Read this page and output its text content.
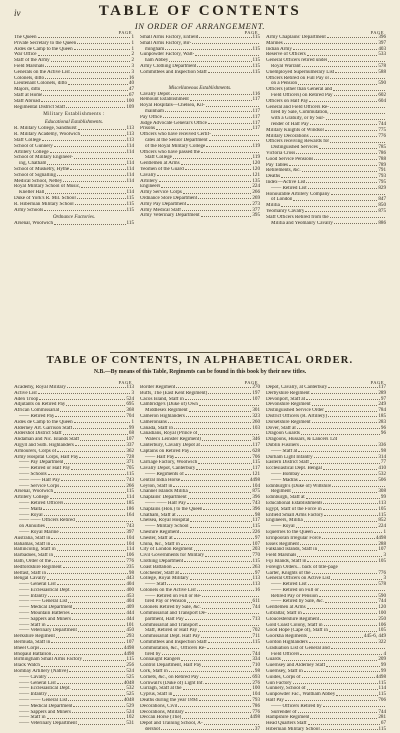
iv	TABLE OF CONTENTS
IN ORDER OF ARRANGEMENT.
PAGE
The Queen	1
Private Secretary to the Queen	1
Aides de Camp to the Queen	1
War Office	2
Staff of the Army	2
Field Marshals	3
Generals on the Active List	3
Colonels, ditto	16
Lieutenant Colonels, ditto	40
Majors, ditto	47
Staff at Home	67
Staff Abroad	100
Regimental District Staff	109
Military Establishments :
Educational Establishments.
R. Military College, Sandhurst	113
R. Military Academy, Woolwich	113
Staff College	113
School of Gunnery	114
Artillery College	114
School of Military Engineer-
ing, Chatham	114
School of Musketry, Hythe	114
School of Signalling	114
Medical School, Netley	114
Royal Military School of Music,
Kneller Hall	114
Duke of York's R. Mil. School	115
R. Hibernian Military School	115
Army Schools	115
Ordnance Factories.
Arsenal, Woolwich	115
PAGE
Small Arms Factory, Enfield	115
Small Arms Factory, Bir-
mingham	115
Gunpowder Factory, Walt-
ham Abbey	115
Army Clothing Department	115
Committees and Inspection Staff	115
Miscellaneous Establishments.
Cavalry Depôt	116
Remount Establishment	117
Royal Hospitals—Chelsea, Kil-
mainham	117
Pay Office	117
Judge Advocate General's Office	117
Prisons	117
Officers who have received Certif-
cates at the Senior Department
of the Royal Military College	119
Officers who have passed the
Staff College	119
Gentlemen at Arms	120
Yeomen of the Guard	120
Cavalry	121
Artillery	135
Engineers	224
Army Service Corps	266
Ordnance Store Department	269
Army Pay Department	273
Army Medical Staff	377
Army Veterinary Department	395
PAGE
Army Chaplains' Department	396
Marines	397
Indian Army	403
Reserve of Officers	533
General Officers retired under
Royal Warrant	578
Unemployed Supernumerary List	588
Officers Retired on Full Pay or
on a Pension	590
Officers (other than General and
Field Officers) on Retired Pay	602
Officers on Half Pay	604
General and Field Officers Re-
tired by Sale, Commutation,
with a Gratuity, or by Sur-
render of Half Pay	744
Military Knights of Windsor	775
Military Decorations	776
Officers receiving Rewards for
Distinguished Services	785
Victoria Cross	786
Good Service Pensions	788
Pay Tables	789
Retirements, &c.	791
Deaths	793
Index—Active List	795
—— Retired List	829
Honourable Artillery Company
of London	847
Militia	850
Yeomanry Cavalry	875
Staff Officers Retired from the
Militia and Yeomanry Cavalry	886
TABLE OF CONTENTS, IN ALPHABETICAL ORDER.
N.B.—By means of this Table, Regiments can be found in this book by their new titles.
PAGE
Academy, Royal Military	113
Active List	3
Aden Troop	524
Adjutants on Retired Pay	695
African Commissariat	368
—— Retired Pay	704
Aides de Camp to the Queen	1
Alderney Art. Garrison Staff	99
Aldershot District Staff	68
Andaman and Nic. Islands Staff	107
Argyll and Suth. Highlanders	337
Armourers, Corps of	362
Army Hospital Corps, Half Pay	728
—— Pay Department	371
—— Retired or Half Pay	705
—— Schools	115
—— —— Half Pay	743
—— Service Corps	266
Arsenal, Woolwich	115
Artillery College	114
—— Retired Officers	185
—— Malta	186
—— Royal	164
—— —— Officers Retired
on Annuities	743
—— Royal Marine	397
Australia, Staff in	104
Bahamas, Staff in	104
Ballincollig, Staff in	114
Barbadoes, Staff in	106
Bath, Order of the	776
Bedfordshire Regiment	235
Belfast, Staff in	98
Bengal Cavalry	443
—— General List	404
—— Ecclesiastical Dept.	400
—— Infantry	453
—— —— General List	404
—— Medical Department	409
—— Mountain Batteries	444
—— Sappers and Miners	444
—— Staff in	101
—— Veterinary Department	450
Berkshire Regiment	293
Bermuda, Staff in	107
Bheel Corps	4498
Bhopaul Battalion	4498
Birmingham Small Arms Factory	115
Black Watch	256
Bombay Artillery (Native)	524
—— Cavalry	525
—— General List	4048
—— Ecclesiastical Dept.	532
—— Infantry	525
—— —— General List	4048
—— Medical Department	529
—— Sappers and Miners	524
—— Staff in	102
—— Veterinary Department	531
PAGE
Border Regiment	270
Buffs, The (East Kent Regiment)	197
Cacos Island, Staff in	107
Cambridge's (Duke of) Own
Middlesex Regiment	301
Cameron Highlanders	323
Cameronians	260
Canada, Staff in	103
Canadians, Royal (Prince of
Wales's Leinster Regiment)	346
Canterbury, Cavalry Depôt at	117
Captains on Retired Pay	628
—— Half Pay	706
Carriage Factory, Woolwich	115
Cavalry Depot, Canterbury	117
—— Regiments of	121
Central India Horse	4498
Ceylon, Staff in	104
Channel Islands Militia	875
Chaplains' Department	396
—— —— Half Pay	743
Chaplains (Hon.) to the Queen	396
Chatham, Staff at	98
Chelsea, Royal Hospital	117
—— Military School	115
Cheshire Regiment	226
Chester, Staff at	97
China, &c., Staff in	107
City of London Regiment	203
Civil Governments for Military	770
Clothing Department	115
Coast Battalion	263
Colchester, Staff at	97
College, Royal Military	113
—— Staff	113
Colonels on the Active List	16
—— Retired on Full or Re-
tired Pay or Pension	611
Colonels Retired by Sale, &c.	744
Commissariat and Transport De-
partment, Half Pay	713
Commissariat and Transport
Staff, Retired or Half Pay	702
Commissariat Dept. Half Pay	711
Committees and Inspection Staff	115
Commutation, &c., Officers Re-
tired by	744
Connaught Rangers	334
Control Department, Half Pay	710
Cork, Staff in	98
Cornets, &c., on Retired Pay	693
Cornwall's (Duke of) Light Inf.	276
Curragh, Staff at the	100
Cyprus, Staff in	104
Deaths during the year 1894	793
Decorations, Civil	786
Decorations, Military	776
Deccan Horse (The)	4498
Depot and Training School, A-
dershot	37
PAGE
Depot, Cavalry, at Canterbury	117
Derbyshire Regiment	289
Devonport, Staff at	97
Devonshire Regiment	249
Distinguished Service Order	784
District Officers (R. Artillery)	185
Dorsetshire Regiment	283
Dover, Staff at	96
Dragoon Guards	96
Dragoons, Hussars, & Lancers 124
Dublin Fusiliers	336
—— Staff at	98
Durham Light Infantry	314
Eastern District Staff	77
Ecclesiastical Dept. Bengal	410
—— Bombay	532
—— Madras	506
Edinburgh's (Duke of) Wiltshire
Regiment	308
Edinburgh, Staff at	99
Educational Establishments	113
Egypt, Staff of the Force in	105
Enfield Small Arms Factory	115
Engineers, Militia	852
—— Royal	224
Equerries to the Queen	1
Erinpoorah Irregular Force	4498
Essex Regiment	288
Falkland Islands, Staff in	107
Field Marshals	3
Fiji Islands, Staff in	105
Foreign Orders... back of title-page
Garter, Knights of the	776
General Officers on Active List	3
—— Retired List	578
—— Retired on Full or
Retired Pay or Pension	590
—— Retired by Sale, &c.	744
Gentlemen at Arms	120
Gibraltar, Staff in	100
Gloucestershire Regiment	250
Gold Coast Colony, Staff in	106
Good Hope (Cape of), Staff in	105
Goorkha Regiments	445-6, 449
Gordon Highlanders	322
Graduation List of General and
Field Officers	4
Guards	209
Guernsey and Alderney Staff	99
Guernsey, Staff in	99
Guides, Corps of	4498
Gun Factory	115
Gunnery, School of	114
Gunpowder Fac., Waltham Abbey	115
Half Pay	706
—— Officers Retired by
Surrender of	744
Hampshire Regiment	281
Head Quarters Staff	67
Hibernian Military School	115
